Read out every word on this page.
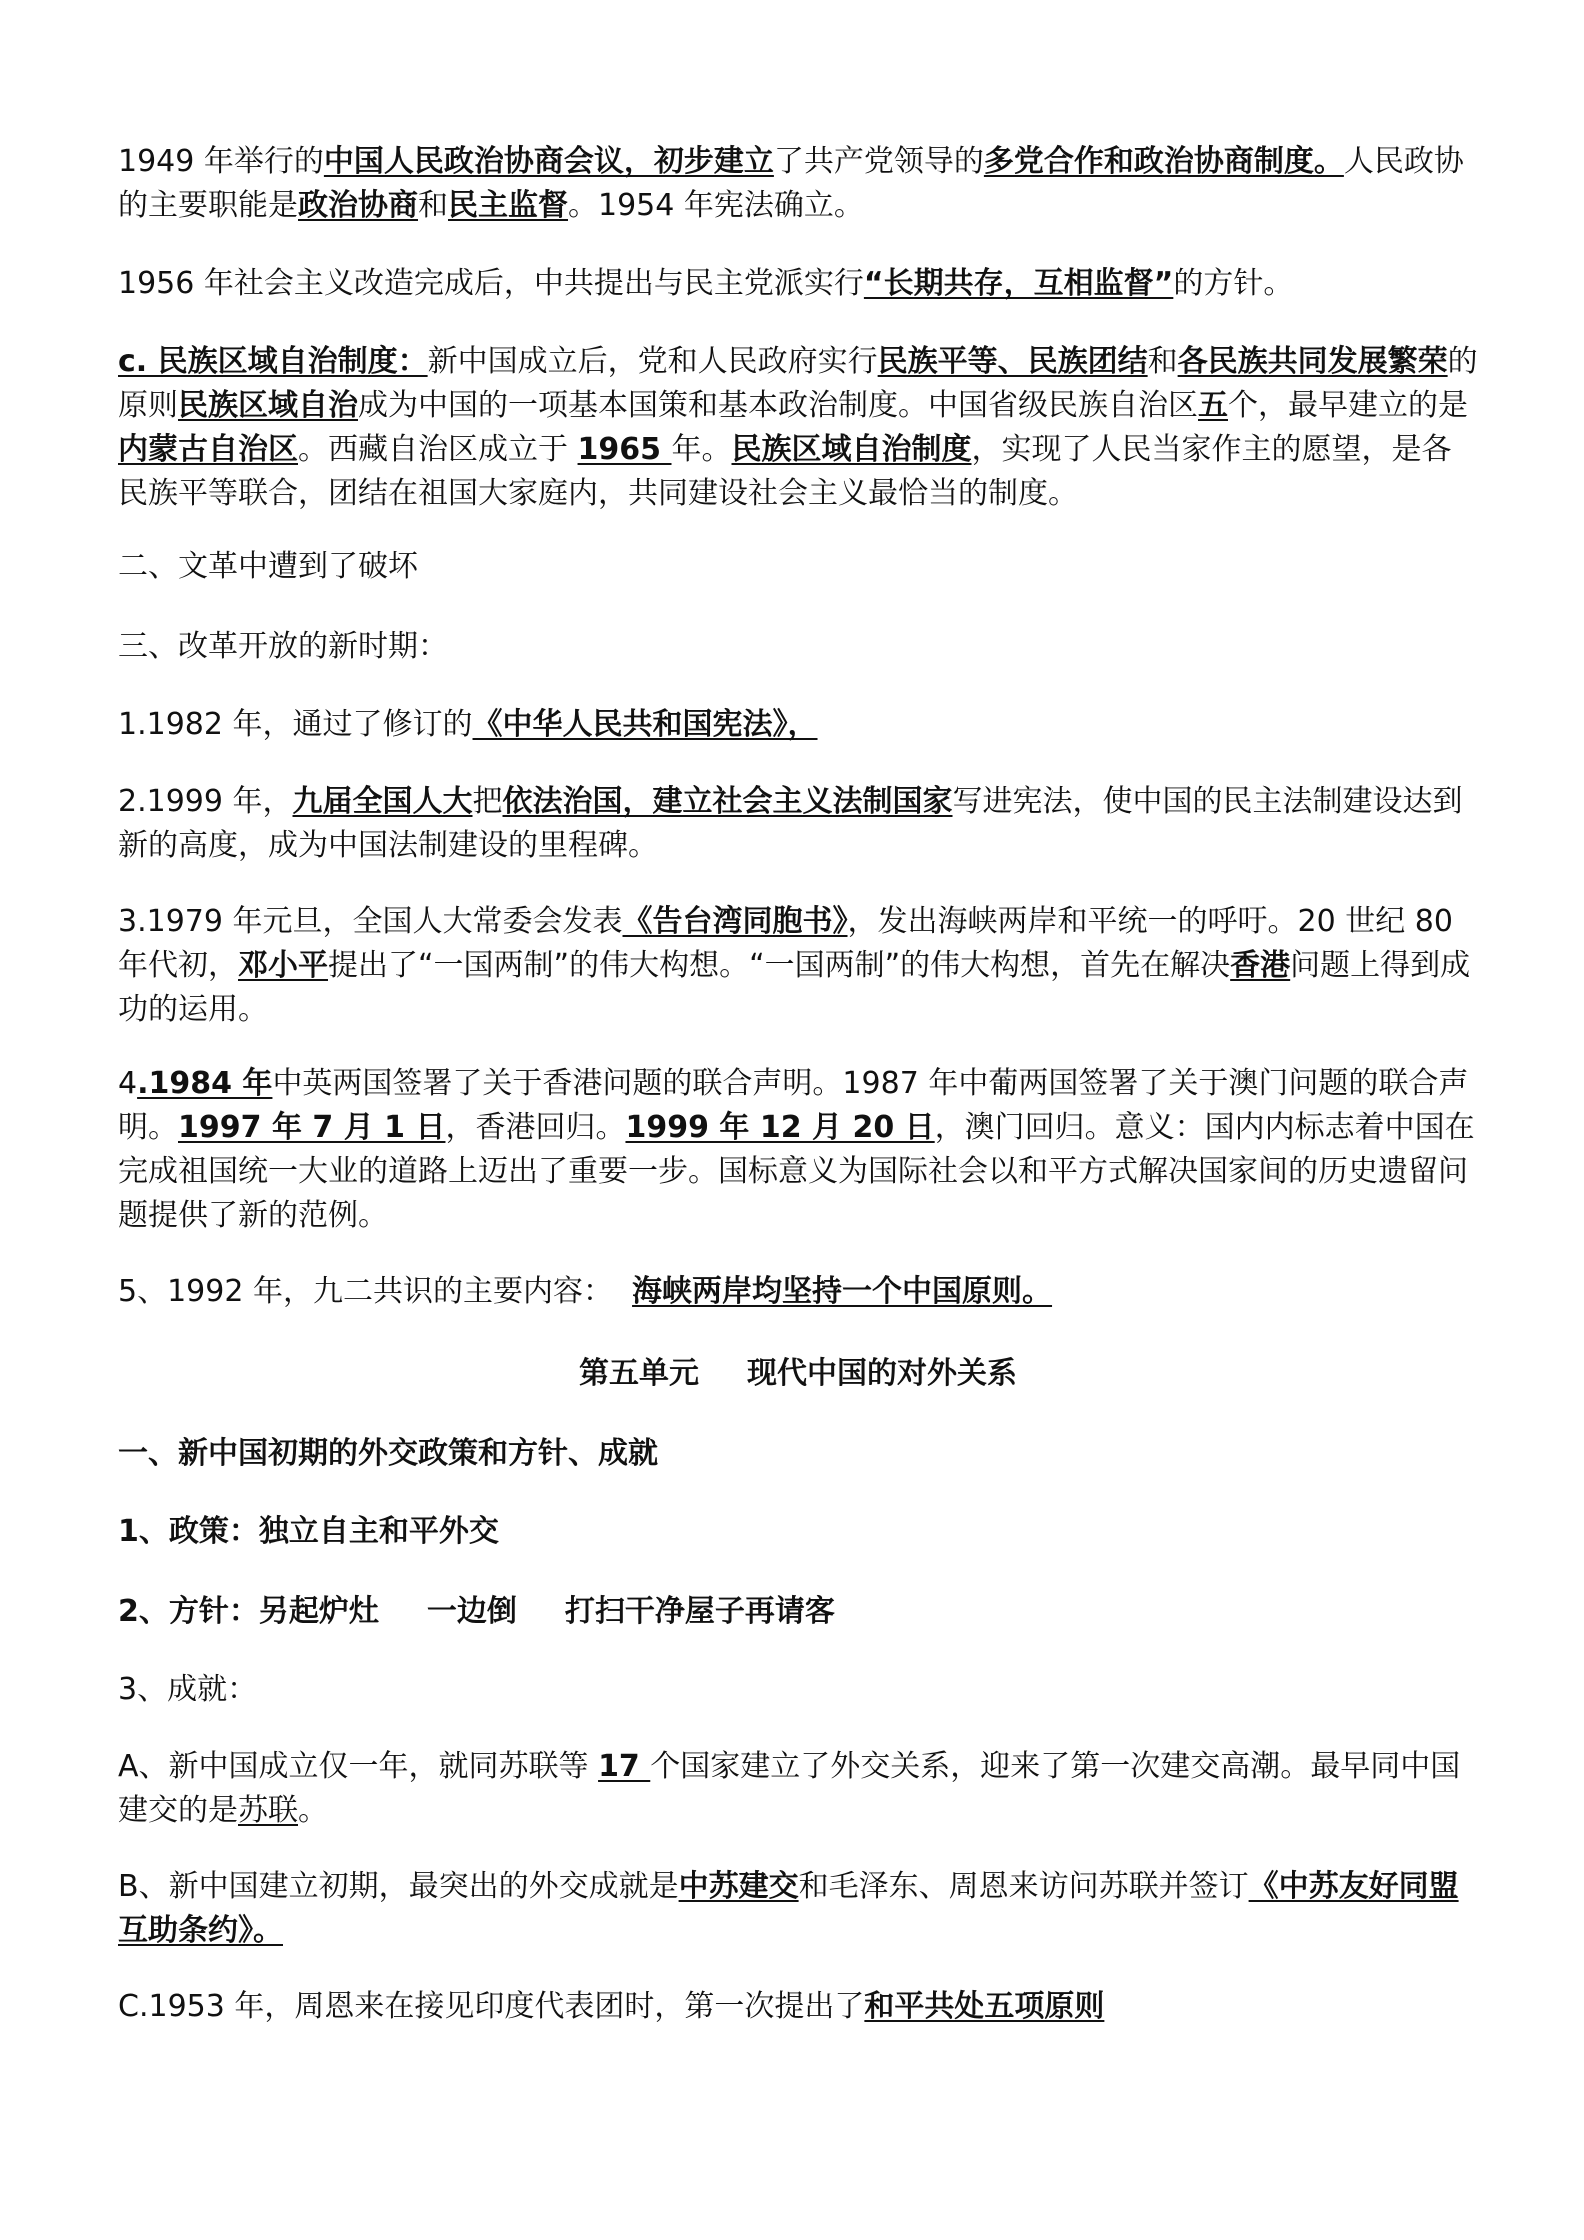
1949 年举行的中国人民政治协商会议，初步建立了共产党领导的多党合作和政治协商制度。人民政协的主要职能是政治协商和民主监督。1954 年宪法确立。

1956 年社会主义改造完成后，中共提出与民主党派实行“长期共存，互相监督”的方针。

c. 民族区域自治制度：新中国成立后，党和人民政府实行民族平等、民族团结和各民族共同发展繁荣的原则民族区域自治成为中国的一项基本国策和基本政治制度。中国省级民族自治区五个，最早建立的是内蒙古自治区。西藏自治区成立于 1965 年。民族区域自治制度，实现了人民当家作主的愿望，是各民族平等联合，团结在祖国大家庭内，共同建设社会主义最恰当的制度。

二、文革中遭到了破坏

三、改革开放的新时期：

1.1982 年，通过了修订的《中华人民共和国宪法》，

2.1999 年，九届全国人大把依法治国，建立社会主义法制国家写进宪法，使中国的民主法制建设达到新的高度，成为中国法制建设的里程碑。

3.1979 年元旦，全国人大常委会发表《告台湾同胞书》，发出海峡两岸和平统一的呼吁。20 世纪 80 年代初，邓小平提出了“一国两制”的伟大构想。“一国两制”的伟大构想，首先在解决香港问题上得到成功的运用。

4.1984 年中英两国签署了关于香港问题的联合声明。1987 年中葡两国签署了关于澳门问题的联合声明。1997 年 7 月 1 日，香港回归。1999 年 12 月 20 日，澳门回归。意义：国内内标志着中国在完成祖国统一大业的道路上迈出了重要一步。国标意义为国际社会以和平方式解决国家间的历史遗留问题提供了新的范例。

5、1992 年，九二共识的主要内容：  海峡两岸均坚持一个中国原则。

第五单元 现代中国的对外关系

一、新中国初期的外交政策和方针、成就

1、政策：独立自主和平外交

2、方针：另起炉灶 一边倒 打扫干净屋子再请客

3、成就：

A、新中国成立仅一年，就同苏联等 17 个国家建立了外交关系，迎来了第一次建交高潮。最早同中国建交的是苏联。

B、新中国建立初期，最突出的外交成就是中苏建交和毛泽东、周恩来访问苏联并签订《中苏友好同盟互助条约》。

C.1953 年，周恩来在接见印度代表团时，第一次提出了和平共处五项原则
